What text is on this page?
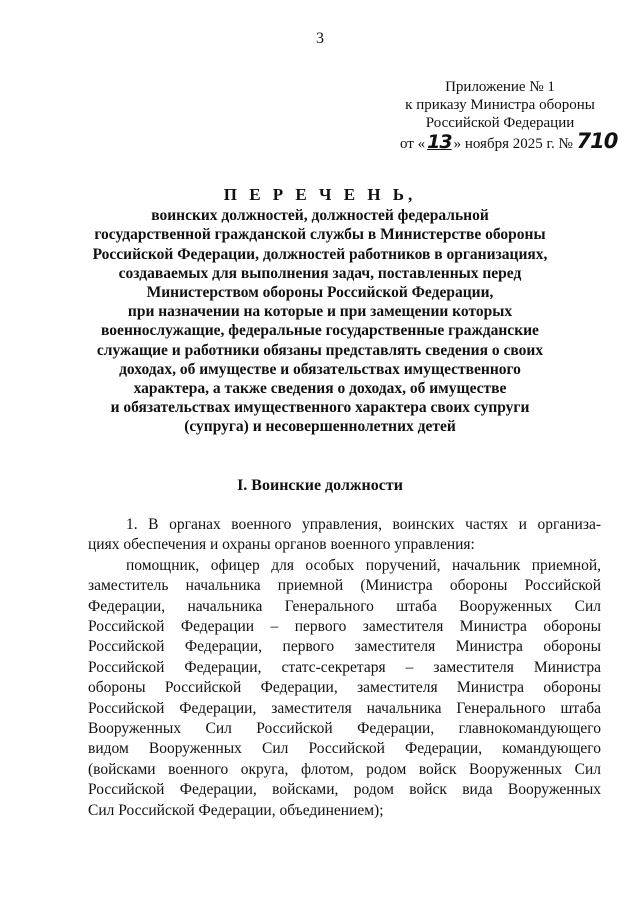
3
Приложение № 1
к приказу Министра обороны
Российской Федерации
от « 13 » ноября 2025 г. № 710
П Е Р Е Ч Е Н Ь,
воинских должностей, должностей федеральной
государственной гражданской службы в Министерстве обороны
Российской Федерации, должностей работников в организациях,
создаваемых для выполнения задач, поставленных перед
Министерством обороны Российской Федерации,
при назначении на которые и при замещении которых
военнослужащие, федеральные государственные гражданские
служащие и работники обязаны представлять сведения о своих
доходах, об имуществе и обязательствах имущественного
характера, а также сведения о доходах, об имуществе
и обязательствах имущественного характера своих супруги
(супруга) и несовершеннолетних детей
I. Воинские должности
1. В органах военного управления, воинских частях и организа-
циях обеспечения и охраны органов военного управления:
помощник, офицер для особых поручений, начальник приемной,
заместитель начальника приемной (Министра обороны Российской
Федерации, начальника Генерального штаба Вооруженных Сил
Российской Федерации – первого заместителя Министра обороны
Российской Федерации, первого заместителя Министра обороны
Российской Федерации, статс-секретаря – заместителя Министра
обороны Российской Федерации, заместителя Министра обороны
Российской Федерации, заместителя начальника Генерального штаба
Вооруженных Сил Российской Федерации, главнокомандующего
видом Вооруженных Сил Российской Федерации, командующего
(войсками военного округа, флотом, родом войск Вооруженных Сил
Российской Федерации, войсками, родом войск вида Вооруженных
Сил Российской Федерации, объединением);
